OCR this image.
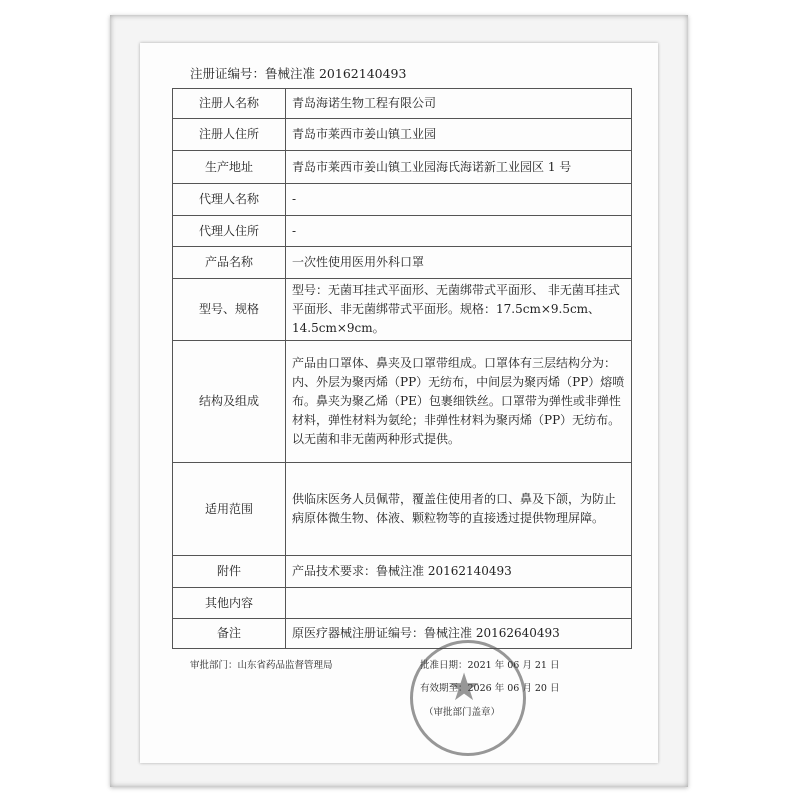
注册证编号：鲁械注准 20162140493
注册人名称	青岛海诺生物工程有限公司
注册人住所	青岛市莱西市姜山镇工业园
生产地址	青岛市莱西市姜山镇工业园海氏海诺新工业园区 1 号
代理人名称	-
代理人住所	-
产品名称	一次性使用医用外科口罩
型号、规格	型号：无菌耳挂式平面形、无菌绑带式平面形、 非无菌耳挂式平面形、非无菌绑带式平面形。规格：17.5cm×9.5cm、14.5cm×9cm。
结构及组成	产品由口罩体、鼻夹及口罩带组成。口罩体有三层结构分为：内、外层为聚丙烯（PP）无纺布，中间层为聚丙烯（PP）熔喷布。鼻夹为聚乙烯（PE）包裹细铁丝。口罩带为弹性或非弹性材料，弹性材料为氨纶；非弹性材料为聚丙烯（PP）无纺布。以无菌和非无菌两种形式提供。
适用范围	供临床医务人员佩带，覆盖住使用者的口、鼻及下颌，为防止病原体微生物、体液、颗粒物等的直接透过提供物理屏障。
附件	产品技术要求：鲁械注准 20162140493
其他内容	
备注	原医疗器械注册证编号：鲁械注准 20162640493
审批部门：山东省药品监督管理局	批准日期：2021 年 06 月 21 日
有效期至：2026 年 06 月 20 日
（审批部门盖章）
★
